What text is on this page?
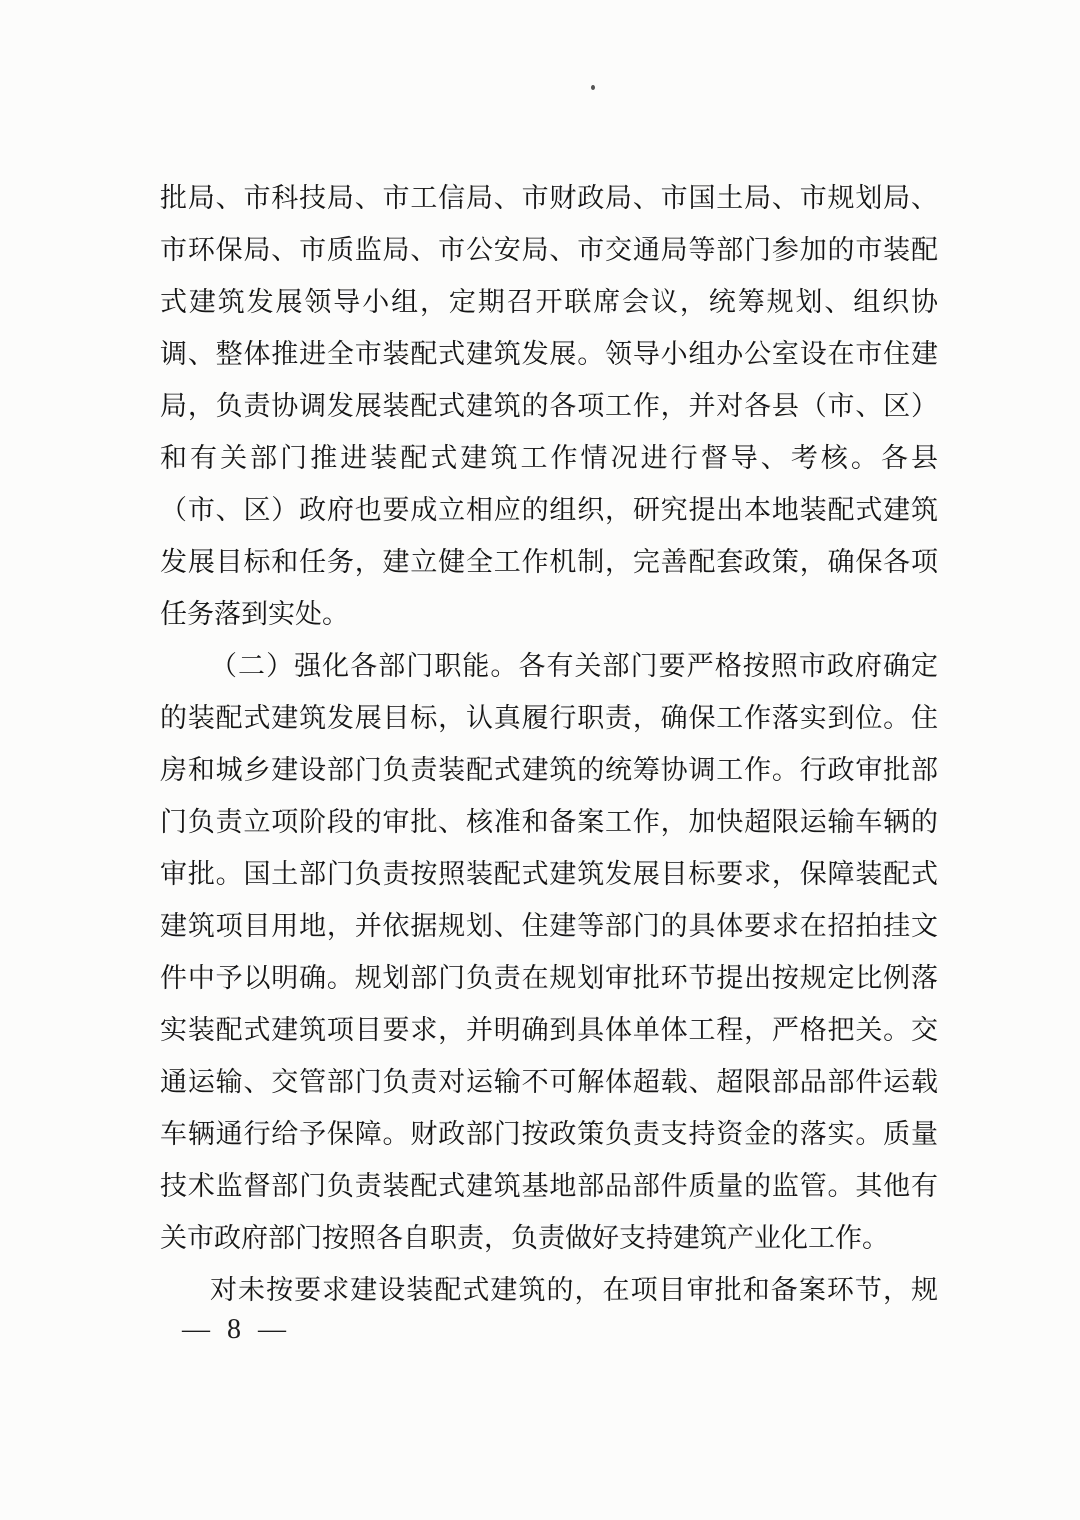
批局、市科技局、市工信局、市财政局、市国土局、市规划局、
市环保局、市质监局、市公安局、市交通局等部门参加的市装配
式建筑发展领导小组，定期召开联席会议，统筹规划、组织协
调、整体推进全市装配式建筑发展。领导小组办公室设在市住建
局，负责协调发展装配式建筑的各项工作，并对各县（市、区）
和有关部门推进装配式建筑工作情况进行督导、考核。各县
（市、区）政府也要成立相应的组织，研究提出本地装配式建筑
发展目标和任务，建立健全工作机制，完善配套政策，确保各项
任务落到实处。
（二）强化各部门职能。各有关部门要严格按照市政府确定
的装配式建筑发展目标，认真履行职责，确保工作落实到位。住
房和城乡建设部门负责装配式建筑的统筹协调工作。行政审批部
门负责立项阶段的审批、核准和备案工作，加快超限运输车辆的
审批。国土部门负责按照装配式建筑发展目标要求，保障装配式
建筑项目用地，并依据规划、住建等部门的具体要求在招拍挂文
件中予以明确。规划部门负责在规划审批环节提出按规定比例落
实装配式建筑项目要求，并明确到具体单体工程，严格把关。交
通运输、交管部门负责对运输不可解体超载、超限部品部件运载
车辆通行给予保障。财政部门按政策负责支持资金的落实。质量
技术监督部门负责装配式建筑基地部品部件质量的监管。其他有
关市政府部门按照各自职责，负责做好支持建筑产业化工作。
对未按要求建设装配式建筑的，在项目审批和备案环节，规
— 8 —
